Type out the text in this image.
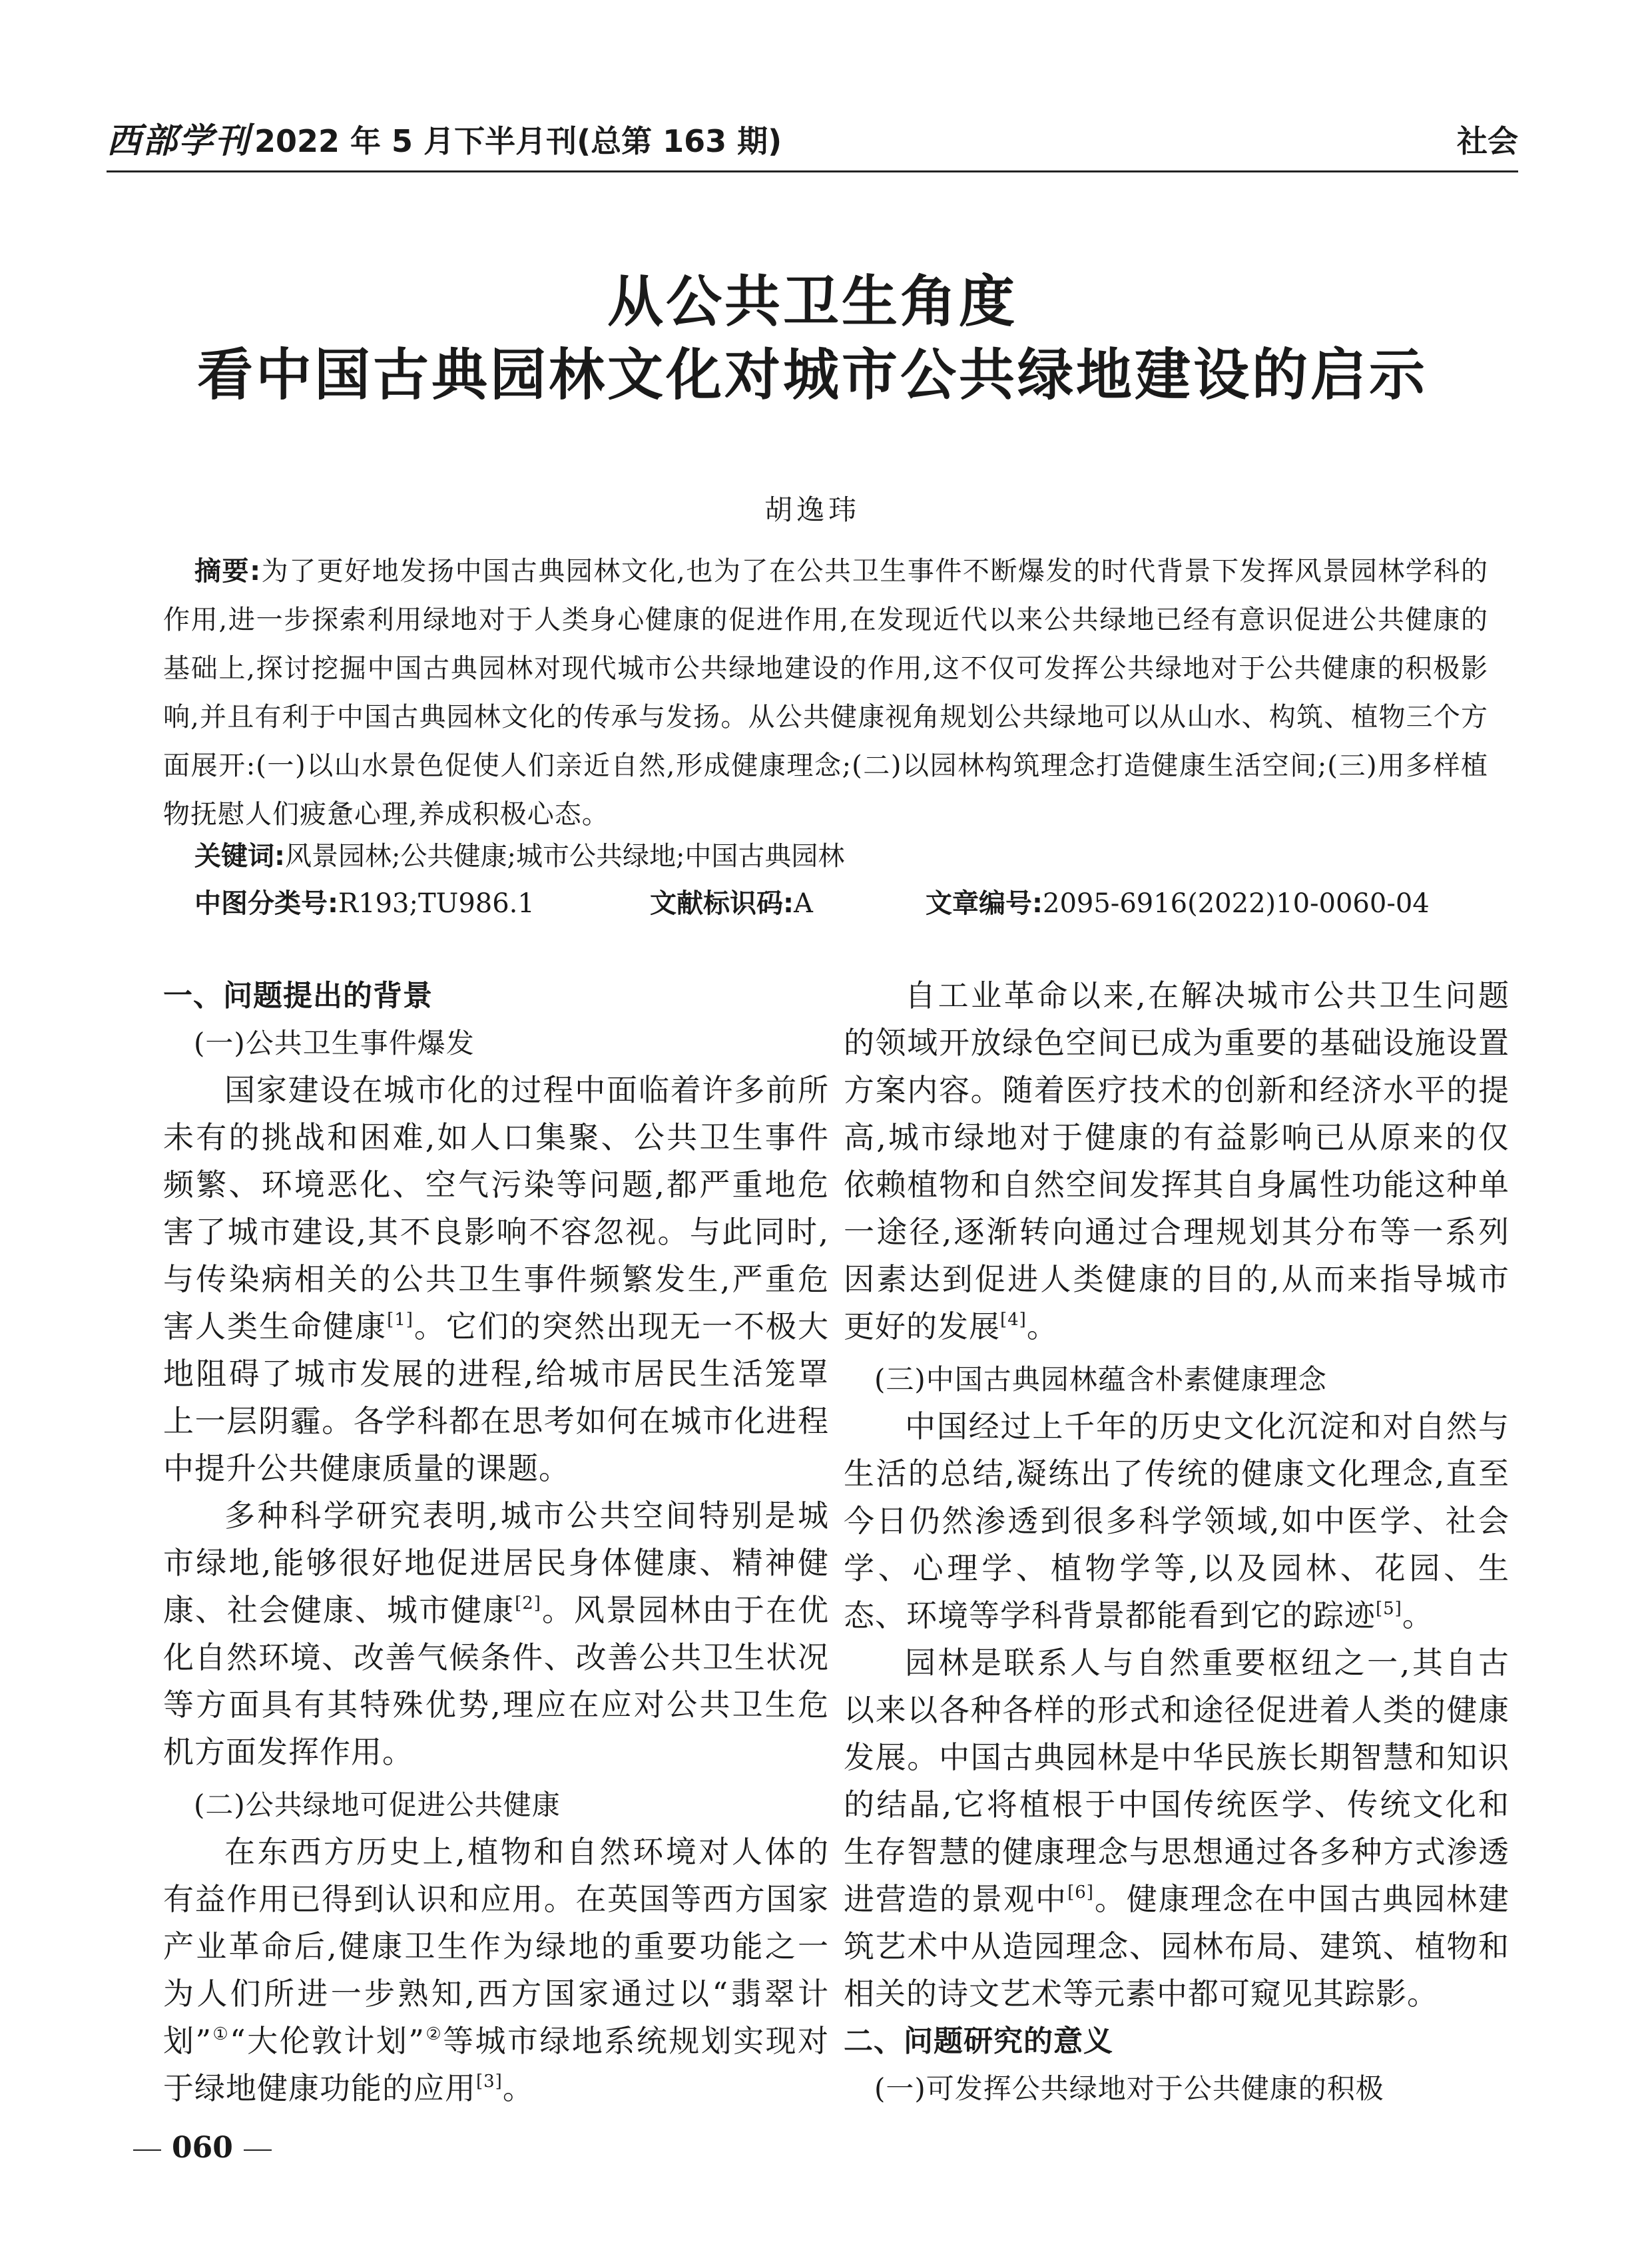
西部学刊 2022 年 5 月下半月刊(总第 163 期)	社会
从公共卫生角度
看中国古典园林文化对城市公共绿地建设的启示
胡逸玮

摘要:为了更好地发扬中国古典园林文化,也为了在公共卫生事件不断爆发的时代背景下发挥风景园林学科的作用,进一步探索利用绿地对于人类身心健康的促进作用,在发现近代以来公共绿地已经有意识促进公共健康的基础上,探讨挖掘中国古典园林对现代城市公共绿地建设的作用,这不仅可发挥公共绿地对于公共健康的积极影响,并且有利于中国古典园林文化的传承与发扬。从公共健康视角规划公共绿地可以从山水、构筑、植物三个方面展开:(一)以山水景色促使人们亲近自然,形成健康理念;(二)以园林构筑理念打造健康生活空间;(三)用多样植物抚慰人们疲惫心理,养成积极心态。

关键词:风景园林;公共健康;城市公共绿地;中国古典园林
中图分类号:R193;TU986.1	文献标识码:A	文章编号:2095-6916(2022)10-0060-04

一、问题提出的背景

(一)公共卫生事件爆发

国家建设在城市化的过程中面临着许多前所未有的挑战和困难,如人口集聚、公共卫生事件频繁、环境恶化、空气污染等问题,都严重地危害了城市建设,其不良影响不容忽视。与此同时,与传染病相关的公共卫生事件频繁发生,严重危害人类生命健康[1]。它们的突然出现无一不极大地阻碍了城市发展的进程,给城市居民生活笼罩上一层阴霾。各学科都在思考如何在城市化进程中提升公共健康质量的课题。

多种科学研究表明,城市公共空间特别是城市绿地,能够很好地促进居民身体健康、精神健康、社会健康、城市健康[2]。风景园林由于在优化自然环境、改善气候条件、改善公共卫生状况等方面具有其特殊优势,理应在应对公共卫生危机方面发挥作用。

(二)公共绿地可促进公共健康

在东西方历史上,植物和自然环境对人体的有益作用已得到认识和应用。在英国等西方国家产业革命后,健康卫生作为绿地的重要功能之一为人们所进一步熟知,西方国家通过以“翡翠计划”①“大伦敦计划”②等城市绿地系统规划实现对于绿地健康功能的应用[3]。

自工业革命以来,在解决城市公共卫生问题的领域开放绿色空间已成为重要的基础设施设置方案内容。随着医疗技术的创新和经济水平的提高,城市绿地对于健康的有益影响已从原来的仅依赖植物和自然空间发挥其自身属性功能这种单一途径,逐渐转向通过合理规划其分布等一系列因素达到促进人类健康的目的,从而来指导城市更好的发展[4]。

(三)中国古典园林蕴含朴素健康理念

中国经过上千年的历史文化沉淀和对自然与生活的总结,凝练出了传统的健康文化理念,直至今日仍然渗透到很多科学领域,如中医学、社会学、心理学、植物学等,以及园林、花园、生态、环境等学科背景都能看到它的踪迹[5]。

园林是联系人与自然重要枢纽之一,其自古以来以各种各样的形式和途径促进着人类的健康发展。中国古典园林是中华民族长期智慧和知识的结晶,它将植根于中国传统医学、传统文化和生存智慧的健康理念与思想通过各多种方式渗透进营造的景观中[6]。健康理念在中国古典园林建筑艺术中从造园理念、园林布局、建筑、植物和相关的诗文艺术等元素中都可窥见其踪影。

二、问题研究的意义

(一)可发挥公共绿地对于公共健康的积极

060
